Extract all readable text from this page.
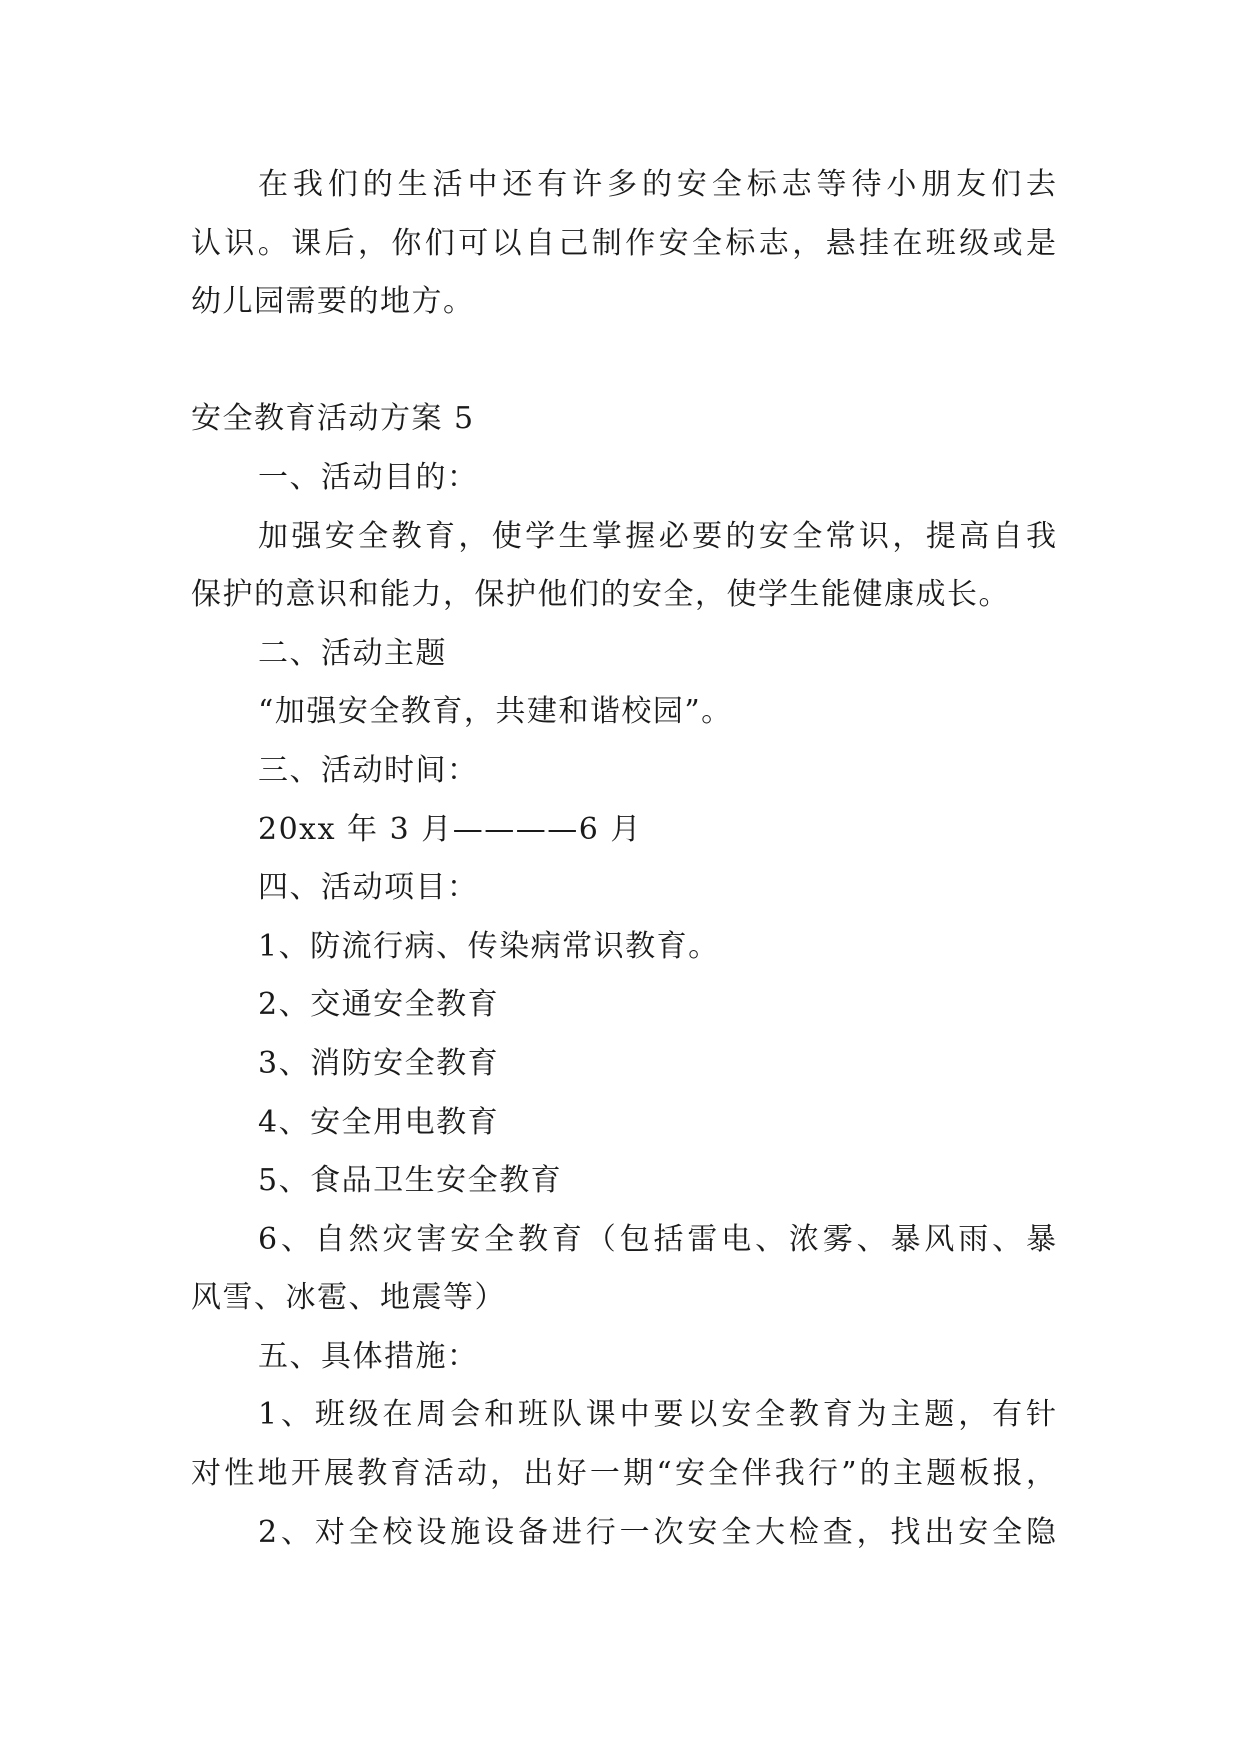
在我们的生活中还有许多的安全标志等待小朋友们去
认识。课后，你们可以自己制作安全标志，悬挂在班级或是
幼儿园需要的地方。
安全教育活动方案 5
一、活动目的：
加强安全教育，使学生掌握必要的安全常识，提高自我
保护的意识和能力，保护他们的安全，使学生能健康成长。
二、活动主题
“加强安全教育，共建和谐校园”。
三、活动时间：
20xx 年 3 月————6 月
四、活动项目：
1、防流行病、传染病常识教育。
2、交通安全教育
3、消防安全教育
4、安全用电教育
5、食品卫生安全教育
6、自然灾害安全教育（包括雷电、浓雾、暴风雨、暴
风雪、冰雹、地震等）
五、具体措施：
1、班级在周会和班队课中要以安全教育为主题，有针
对性地开展教育活动，出好一期“安全伴我行”的主题板报，
2、对全校设施设备进行一次安全大检查，找出安全隐
